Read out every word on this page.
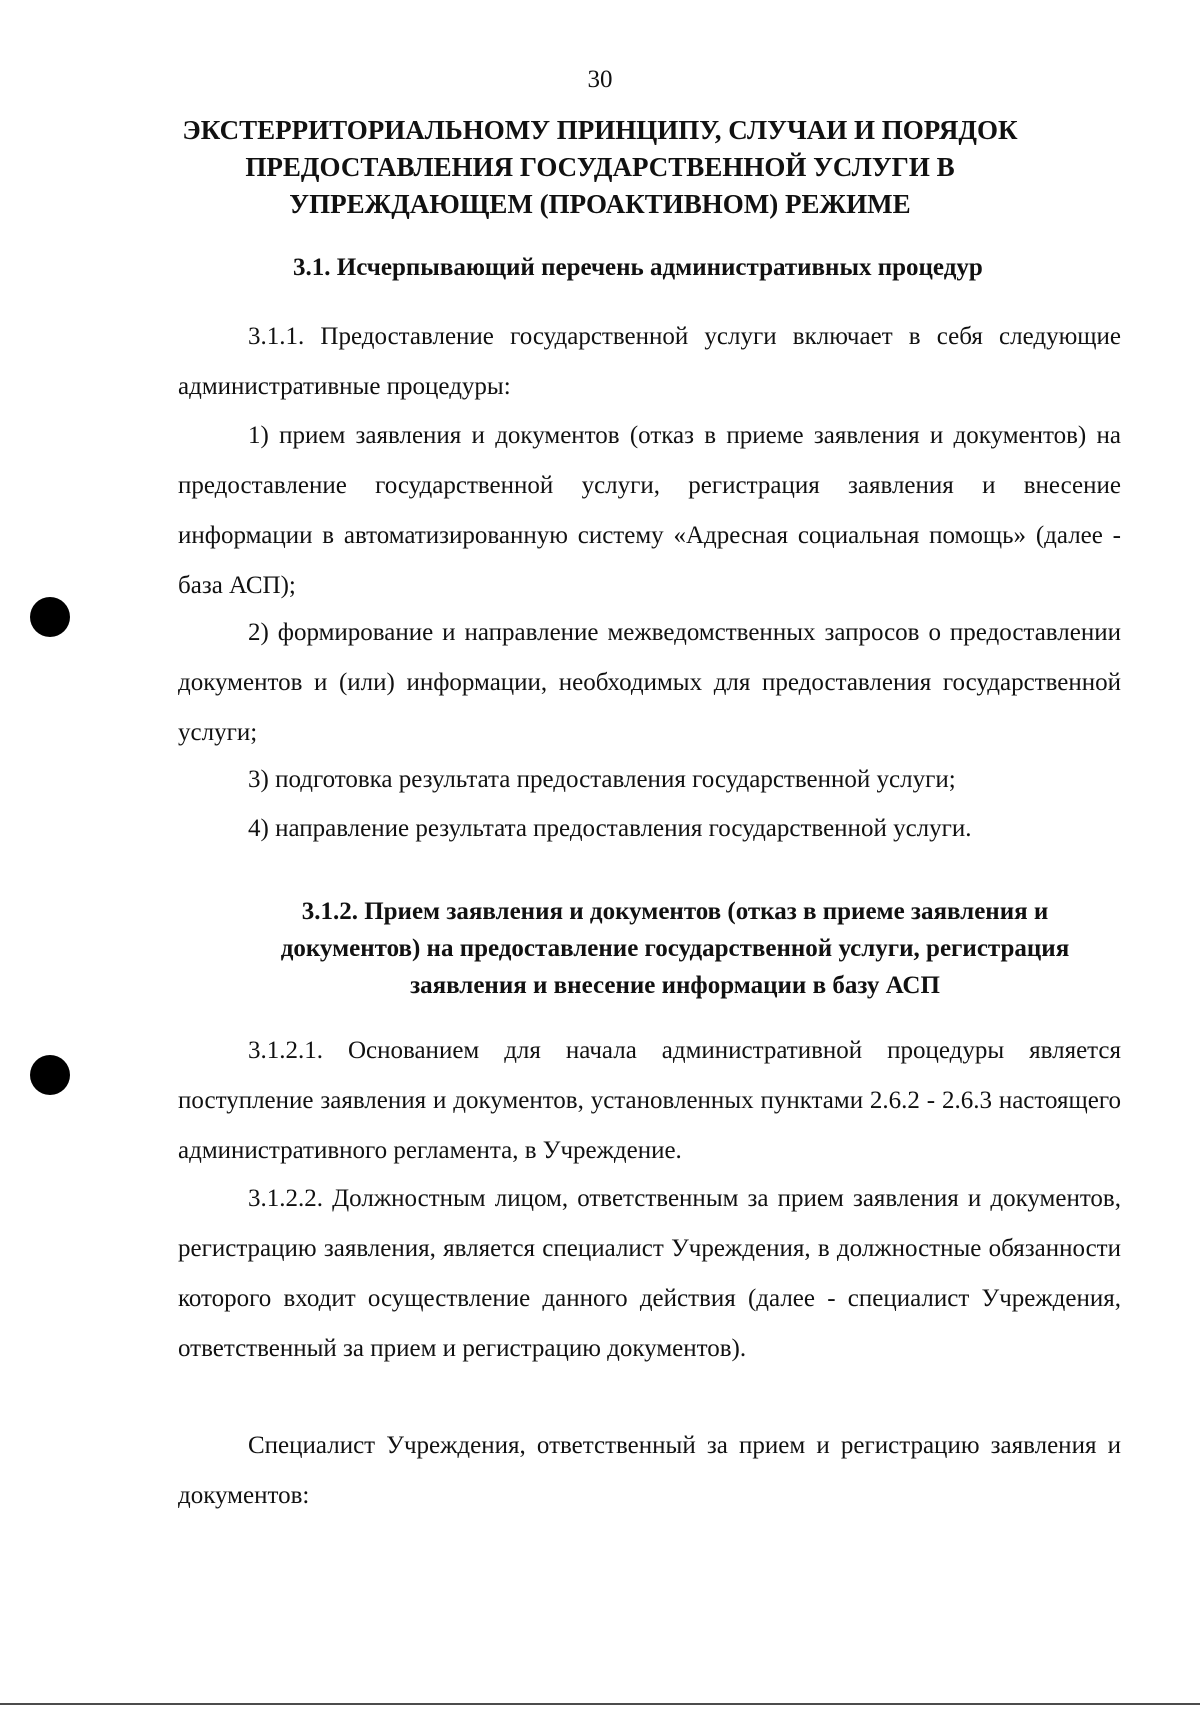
30
ЭКСТЕРРИТОРИАЛЬНОМУ ПРИНЦИПУ, СЛУЧАИ И ПОРЯДОК ПРЕДОСТАВЛЕНИЯ ГОСУДАРСТВЕННОЙ УСЛУГИ В УПРЕЖДАЮЩЕМ (ПРОАКТИВНОМ) РЕЖИМЕ
3.1. Исчерпывающий перечень административных процедур

3.1.1. Предоставление государственной услуги включает в себя следующие административные процедуры:

1) прием заявления и документов (отказ в приеме заявления и документов) на предоставление государственной услуги, регистрация заявления и внесение информации в автоматизированную систему «Адресная социальная помощь» (далее - база АСП);

2) формирование и направление межведомственных запросов о предоставлении документов и (или) информации, необходимых для предоставления государственной услуги;

3) подготовка результата предоставления государственной услуги;

4) направление результата предоставления государственной услуги.

3.1.2. Прием заявления и документов (отказ в приеме заявления и документов) на предоставление государственной услуги, регистрация заявления и внесение информации в базу АСП

3.1.2.1. Основанием для начала административной процедуры является поступление заявления и документов, установленных пунктами 2.6.2 - 2.6.3 настоящего административного регламента, в Учреждение.

3.1.2.2. Должностным лицом, ответственным за прием заявления и документов, регистрацию заявления, является специалист Учреждения, в должностные обязанности которого входит осуществление данного действия (далее - специалист Учреждения, ответственный за прием и регистрацию документов).

Специалист Учреждения, ответственный за прием и регистрацию заявления и документов:
